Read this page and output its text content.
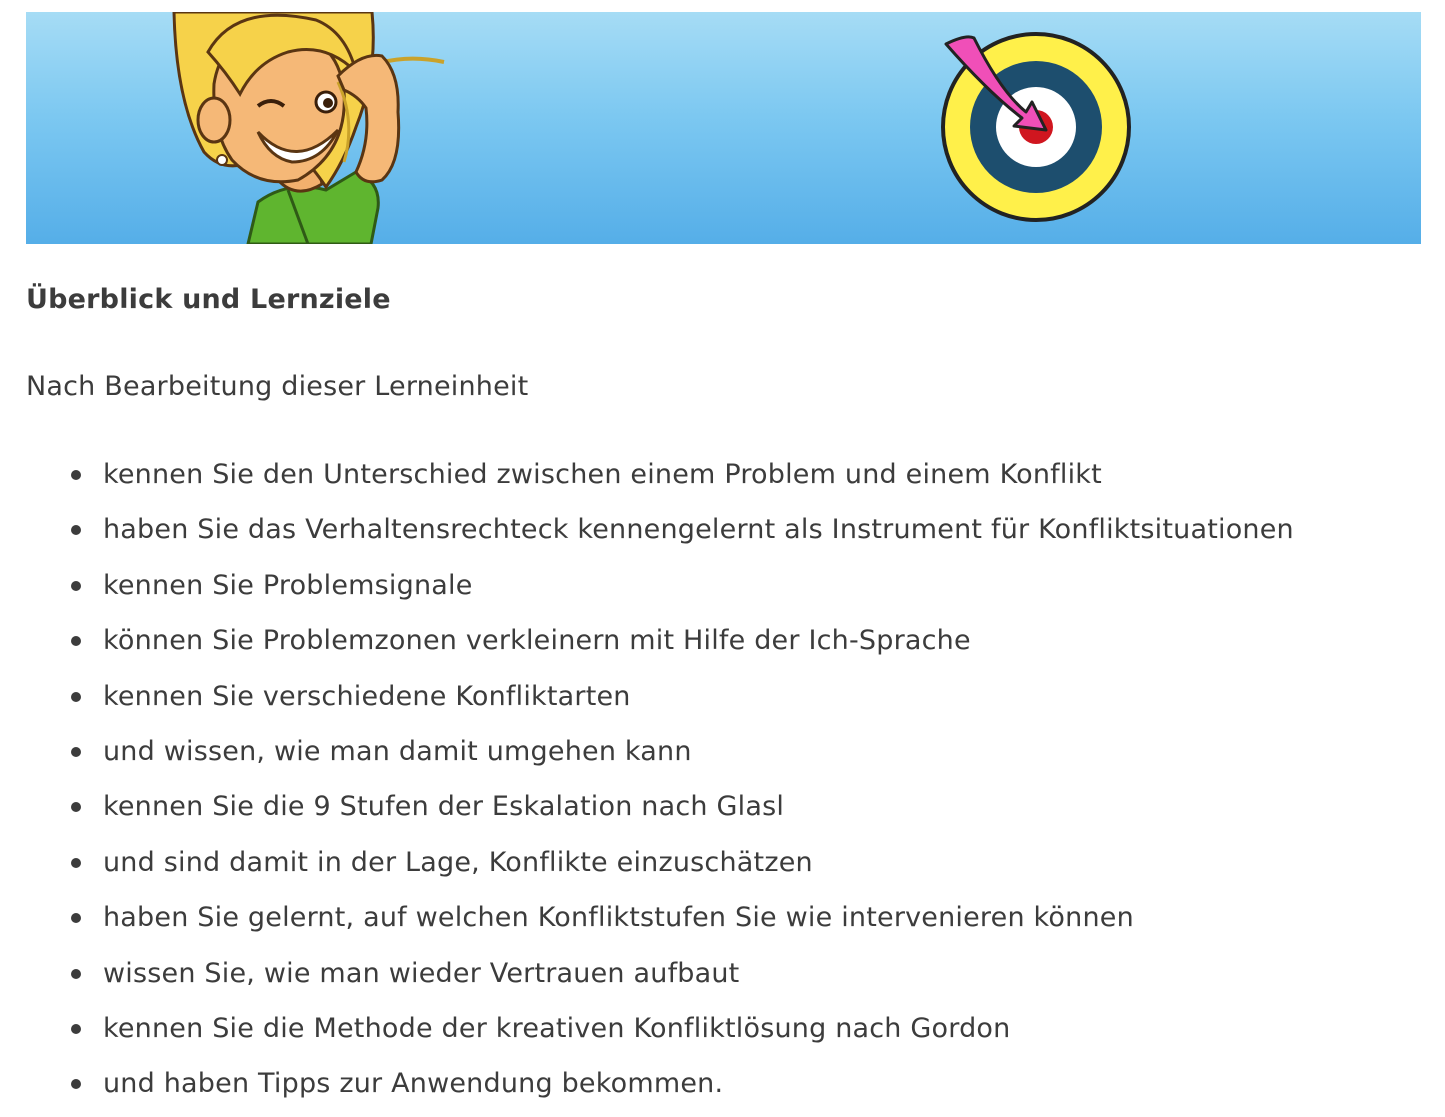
Überblick und Lernziele

Nach Bearbeitung dieser Lerneinheit

kennen Sie den Unterschied zwischen einem Problem und einem Konflikt
haben Sie das Verhaltensrechteck kennengelernt als Instrument für Konfliktsituationen
kennen Sie Problemsignale
können Sie Problemzonen verkleinern mit Hilfe der Ich-Sprache
kennen Sie verschiedene Konfliktarten
und wissen, wie man damit umgehen kann
kennen Sie die 9 Stufen der Eskalation nach Glasl
und sind damit in der Lage, Konflikte einzuschätzen
haben Sie gelernt, auf welchen Konfliktstufen Sie wie intervenieren können
wissen Sie, wie man wieder Vertrauen aufbaut
kennen Sie die Methode der kreativen Konfliktlösung nach Gordon
und haben Tipps zur Anwendung bekommen.
